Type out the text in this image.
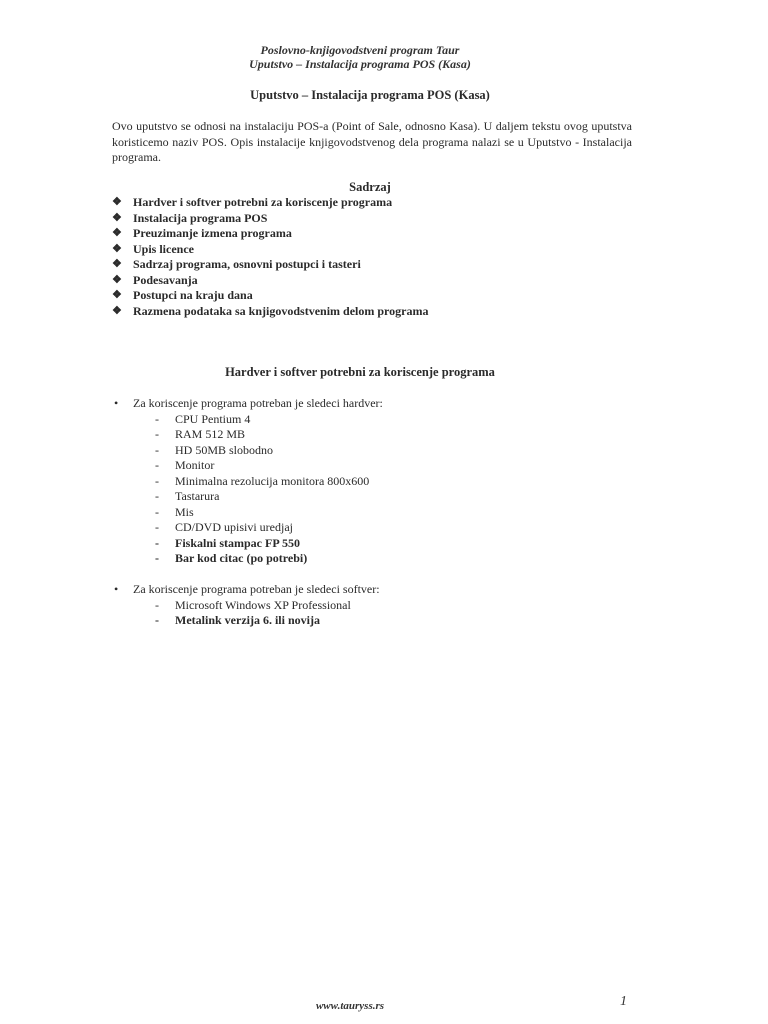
Poslovno-knjigovodstveni program Taur
Uputstvo – Instalacija programa POS (Kasa)
Uputstvo – Instalacija programa POS (Kasa)
Ovo uputstvo se odnosi na instalaciju POS-a (Point of Sale, odnosno Kasa). U daljem tekstu ovog uputstva koristicemo naziv POS. Opis instalacije knjigovodstvenog dela programa nalazi se u Uputstvo - Instalacija programa.
Sadrzaj
❖ Hardver i softver potrebni za koriscenje programa
❖ Instalacija programa POS
❖ Preuzimanje izmena programa
❖ Upis licence
❖ Sadrzaj programa, osnovni postupci i tasteri
❖ Podesavanja
❖ Postupci na kraju dana
❖ Razmena podataka sa knjigovodstvenim delom programa
Hardver i softver potrebni za koriscenje programa
• Za koriscenje programa potreban je sledeci hardver:
- CPU Pentium 4
- RAM 512 MB
- HD 50MB slobodno
- Monitor
- Minimalna rezolucija monitora 800x600
- Tastarura
- Mis
- CD/DVD upisivi uredjaj
- Fiskalni stampac FP 550
- Bar kod citac (po potrebi)
• Za koriscenje programa potreban je sledeci softver:
- Microsoft Windows XP Professional
- Metalink verzija 6. ili novija
www.tauryss.rs	1
